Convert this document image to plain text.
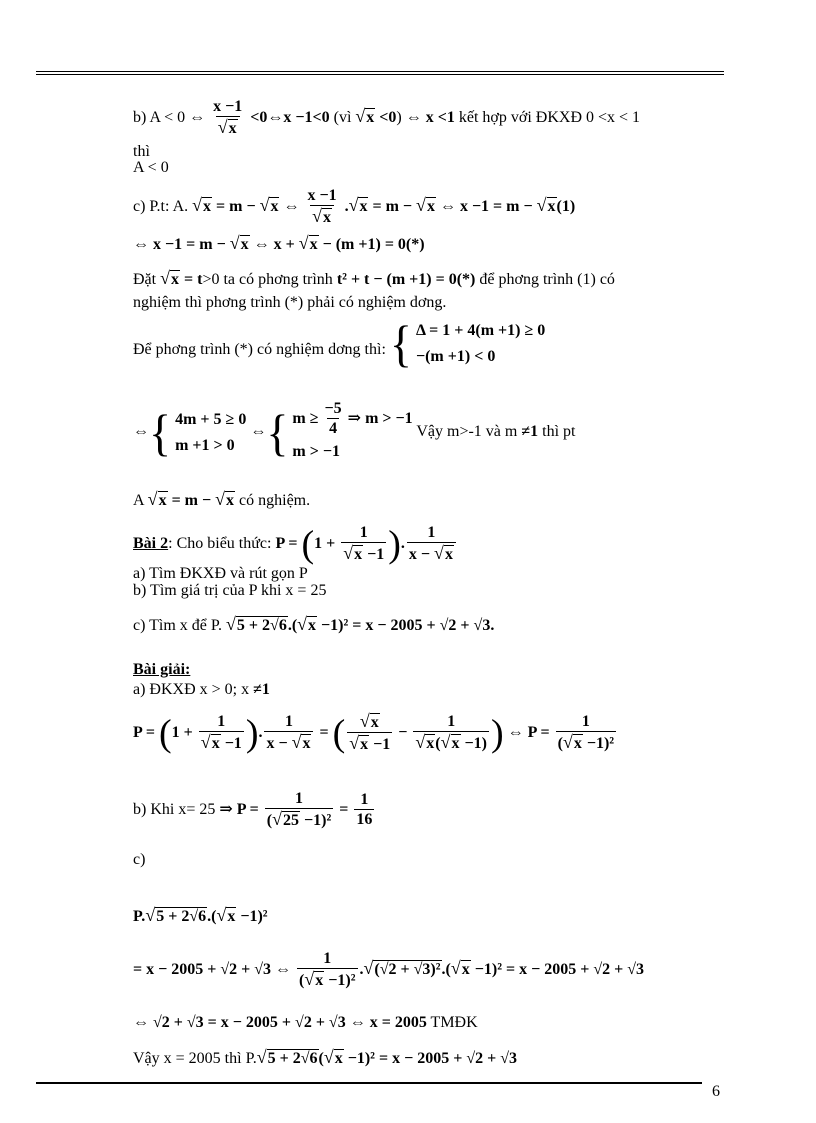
b) A < 0 ⇔ $\frac{x -1}{√x}$ <0⇔x −1<0 (vì √x <0) ⇔ x <1 kết hợp với ĐKXĐ 0 <x < 1
thì
A < 0
c) P.t: A. √x = m − √x ⇔ $\frac{x -1}{√x} .√x = m - √x$ ⇔ x −1 = m − √x(1)
⇔ x −1 = m − √x ⇔ x + √x − (m +1) = 0(*)
Đặt √x = t>0 ta có phơng trình t² + t − (m +1) = 0(*) để phơng trình (1) có
nghiệm thì phơng trình (*) phải có nghiệm dơng.
Để phơng trình (*) có nghiệm dơng thì: { Δ = 1 + 4(m +1) ≥ 0
−(m +1) < 0
⇔{ 4m + 5 ≥ 0
m +1 > 0
⇔{ $m \ge \frac{-5}{4}$ ⇒ m > −1
m > −1
Vậy m>-1 và m ≠1 thì pt
A √x = m − √x có nghiệm.
Bài 2: Cho biểu thức: $P = (1 + \frac{1}{√x -1}$ ). $\frac{1}{x - √x}$
a) Tìm ĐKXĐ và rút gọn P
b) Tìm giá trị của P khi x = 25
c) Tìm x để P. √5 + 2√6.(√x −1)² = x − 2005 + √2 + √3.
Bài giải:
a) ĐKXĐ x > 0; x ≠1
$P = (1 + \frac{1}{√x -1}$ ). $\frac{1}{x - √x}$ = ( $\frac{√x}{√x -1} - \frac{1}{√x(√x -1)}$ ) ⇔ $P = \frac{1}{\text{(√x −1)²}}$
b) Khi x= 25 ⇒ $P = \frac{1}{\text{(√25 −1)²}} = \frac{1}{16}$
c)
P.√5 + 2√6.(√x −1)²
= x − 2005 + √2 + √3 ⇔ $\frac{1}{\text{(√x −1)²}} .√(√2 + √3)^2.(√x -1)^2 = x - 2005 + √2 + √3$
⇔ √2 + √3 = x − 2005 + √2 + √3 ⇔ x = 2005 TMĐK
Vậy x = 2005 thì P.√5 + 2√6(√x −1)² = x − 2005 + √2 + √3
6
